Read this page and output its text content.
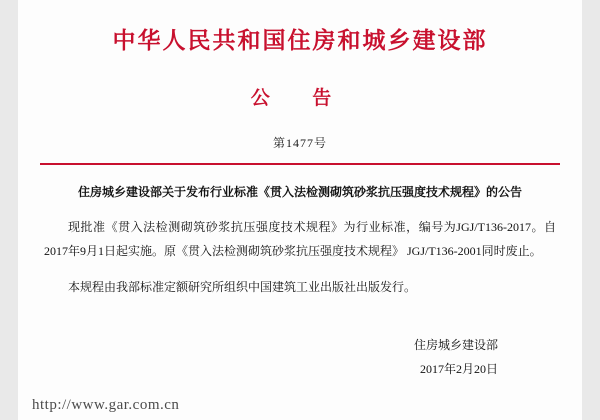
中华人民共和国住房和城乡建设部
公 告
第1477号
住房城乡建设部关于发布行业标准《贯入法检测砌筑砂浆抗压强度技术规程》的公告
现批准《贯入法检测砌筑砂浆抗压强度技术规程》为行业标准，编号为JGJ/T136-2017。自2017年9月1日起实施。原《贯入法检测砌筑砂浆抗压强度技术规程》 JGJ/T136-2001同时废止。
本规程由我部标准定额研究所组织中国建筑工业出版社出版发行。
住房城乡建设部
2017年2月20日
http://www.gar.com.cn
